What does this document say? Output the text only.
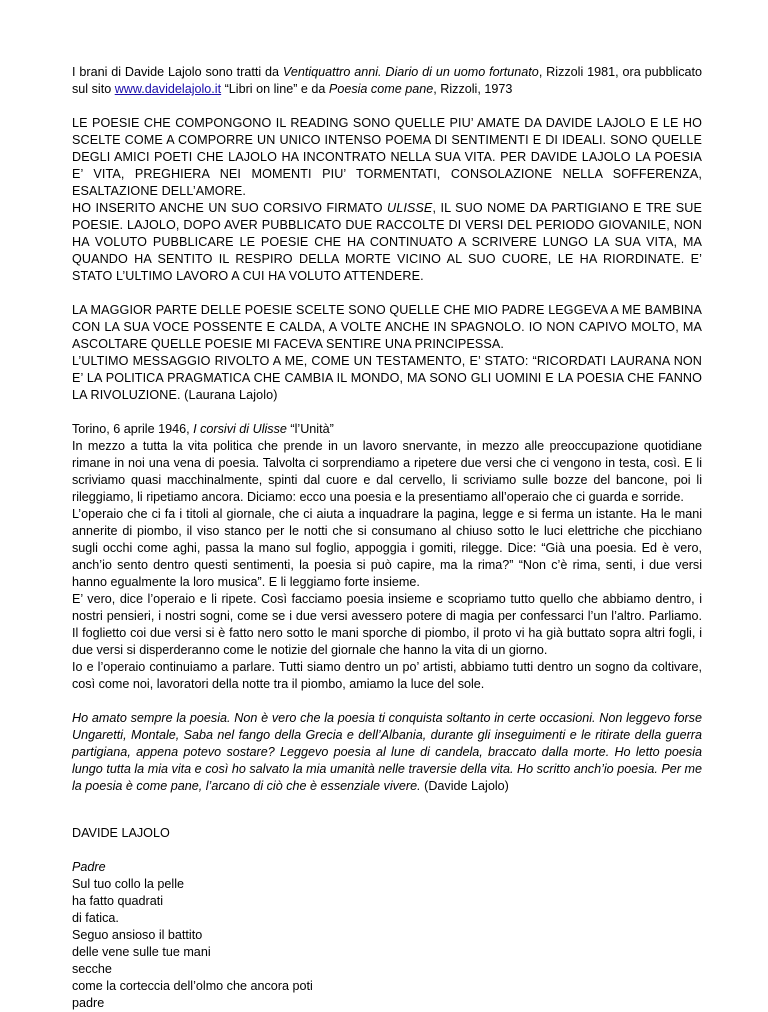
I brani di Davide Lajolo sono tratti da Ventiquattro anni. Diario di un uomo fortunato, Rizzoli 1981, ora pubblicato sul sito www.davidelajolo.it “Libri on line” e da Poesia come pane, Rizzoli, 1973

LE POESIE CHE COMPONGONO IL READING SONO QUELLE PIU’ AMATE DA DAVIDE LAJOLO E LE HO SCELTE COME A COMPORRE UN UNICO INTENSO POEMA DI SENTIMENTI E DI IDEALI. SONO QUELLE DEGLI AMICI POETI CHE LAJOLO HA INCONTRATO NELLA SUA VITA. PER DAVIDE LAJOLO LA POESIA E’ VITA, PREGHIERA NEI MOMENTI PIU’ TORMENTATI, CONSOLAZIONE NELLA SOFFERENZA, ESALTAZIONE DELL’AMORE.

HO INSERITO ANCHE UN SUO CORSIVO FIRMATO ULISSE, IL SUO NOME DA PARTIGIANO E TRE SUE POESIE. LAJOLO, DOPO AVER PUBBLICATO DUE RACCOLTE DI VERSI DEL PERIODO GIOVANILE, NON HA VOLUTO PUBBLICARE LE POESIE CHE HA CONTINUATO A SCRIVERE LUNGO LA SUA VITA, MA QUANDO HA SENTITO IL RESPIRO DELLA MORTE VICINO AL SUO CUORE, LE HA RIORDINATE. E’ STATO L’ULTIMO LAVORO A CUI HA VOLUTO ATTENDERE.

LA MAGGIOR PARTE DELLE POESIE SCELTE SONO QUELLE CHE MIO PADRE LEGGEVA A ME BAMBINA CON LA SUA VOCE POSSENTE E CALDA, A VOLTE ANCHE IN SPAGNOLO. IO NON CAPIVO MOLTO, MA ASCOLTARE QUELLE POESIE MI FACEVA SENTIRE UNA PRINCIPESSA.

L’ULTIMO MESSAGGIO RIVOLTO A ME, COME UN TESTAMENTO, E’ STATO: “RICORDATI LAURANA NON E’ LA POLITICA PRAGMATICA CHE CAMBIA IL MONDO, MA SONO GLI UOMINI E LA POESIA CHE FANNO LA RIVOLUZIONE. (Laurana Lajolo)

Torino, 6 aprile 1946, I corsivi di Ulisse “l’Unità”

In mezzo a tutta la vita politica che prende in un lavoro snervante, in mezzo alle preoccupazione quotidiane rimane in noi una vena di poesia. Talvolta ci sorprendiamo a ripetere due versi che ci vengono in testa, così. E li scriviamo quasi macchinalmente, spinti dal cuore e dal cervello, li scriviamo sulle bozze del bancone, poi li rileggiamo, li ripetiamo ancora. Diciamo: ecco una poesia e la presentiamo all’operaio che ci guarda e sorride.

L’operaio che ci fa i titoli al giornale, che ci aiuta a inquadrare la pagina, legge e si ferma un istante. Ha le mani annerite di piombo, il viso stanco per le notti che si consumano al chiuso sotto le luci elettriche che picchiano sugli occhi come aghi, passa la mano sul foglio, appoggia i gomiti, rilegge. Dice: “Già una poesia. Ed è vero, anch’io sento dentro questi sentimenti, la poesia si può capire, ma la rima?” “Non c’è rima, senti, i due versi hanno egualmente la loro musica”. E li leggiamo forte insieme.

E’ vero, dice l’operaio e li ripete. Così facciamo poesia insieme e scopriamo tutto quello che abbiamo dentro, i nostri pensieri, i nostri sogni, come se i due versi avessero potere di magia per confessarci l’un l’altro. Parliamo. Il foglietto coi due versi si è fatto nero sotto le mani sporche di piombo, il proto vi ha già buttato sopra altri fogli, i due versi si disperderanno come le notizie del giornale che hanno la vita di un giorno.

Io e l’operaio continuiamo a parlare. Tutti siamo dentro un po’ artisti, abbiamo tutti dentro un sogno da coltivare, così come noi, lavoratori della notte tra il piombo, amiamo la luce del sole.

Ho amato sempre la poesia. Non è vero che la poesia ti conquista soltanto in certe occasioni. Non leggevo forse Ungaretti, Montale, Saba nel fango della Grecia e dell’Albania, durante gli inseguimenti e le ritirate della guerra partigiana, appena potevo sostare? Leggevo poesia al lune di candela, braccato dalla morte. Ho letto poesia lungo tutta la mia vita e così ho salvato la mia umanità nelle traversie della vita. Ho scritto anch’io poesia. Per me la poesia è come pane, l’arcano di ciò che è essenziale vivere. (Davide Lajolo)

DAVIDE LAJOLO

Padre

Sul tuo collo la pelle

ha fatto quadrati

di fatica.

Seguo ansioso il battito

delle vene sulle tue mani

secche

come la corteccia dell’olmo che ancora poti

padre
